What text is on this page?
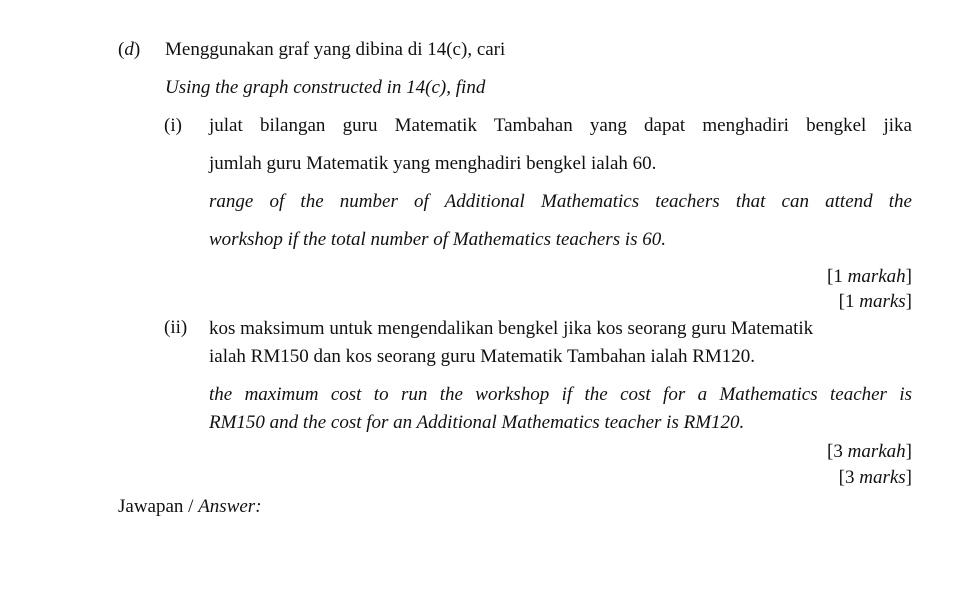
(d) Menggunakan graf yang dibina di 14(c), cari
Using the graph constructed in 14(c), find
(i) julat bilangan guru Matematik Tambahan yang dapat menghadiri bengkel jika
jumlah guru Matematik yang menghadiri bengkel ialah 60.
range of the number of Additional Mathematics teachers that can attend the
workshop if the total number of Mathematics teachers is 60.
[1 markah]
[1 marks]
(ii) kos maksimum untuk mengendalikan bengkel jika kos seorang guru Matematik
ialah RM150 dan kos seorang guru Matematik Tambahan ialah RM120.
the maximum cost to run the workshop if the cost for a Mathematics teacher is
RM150 and the cost for an Additional Mathematics teacher is RM120.
[3 markah]
[3 marks]
Jawapan / Answer:
